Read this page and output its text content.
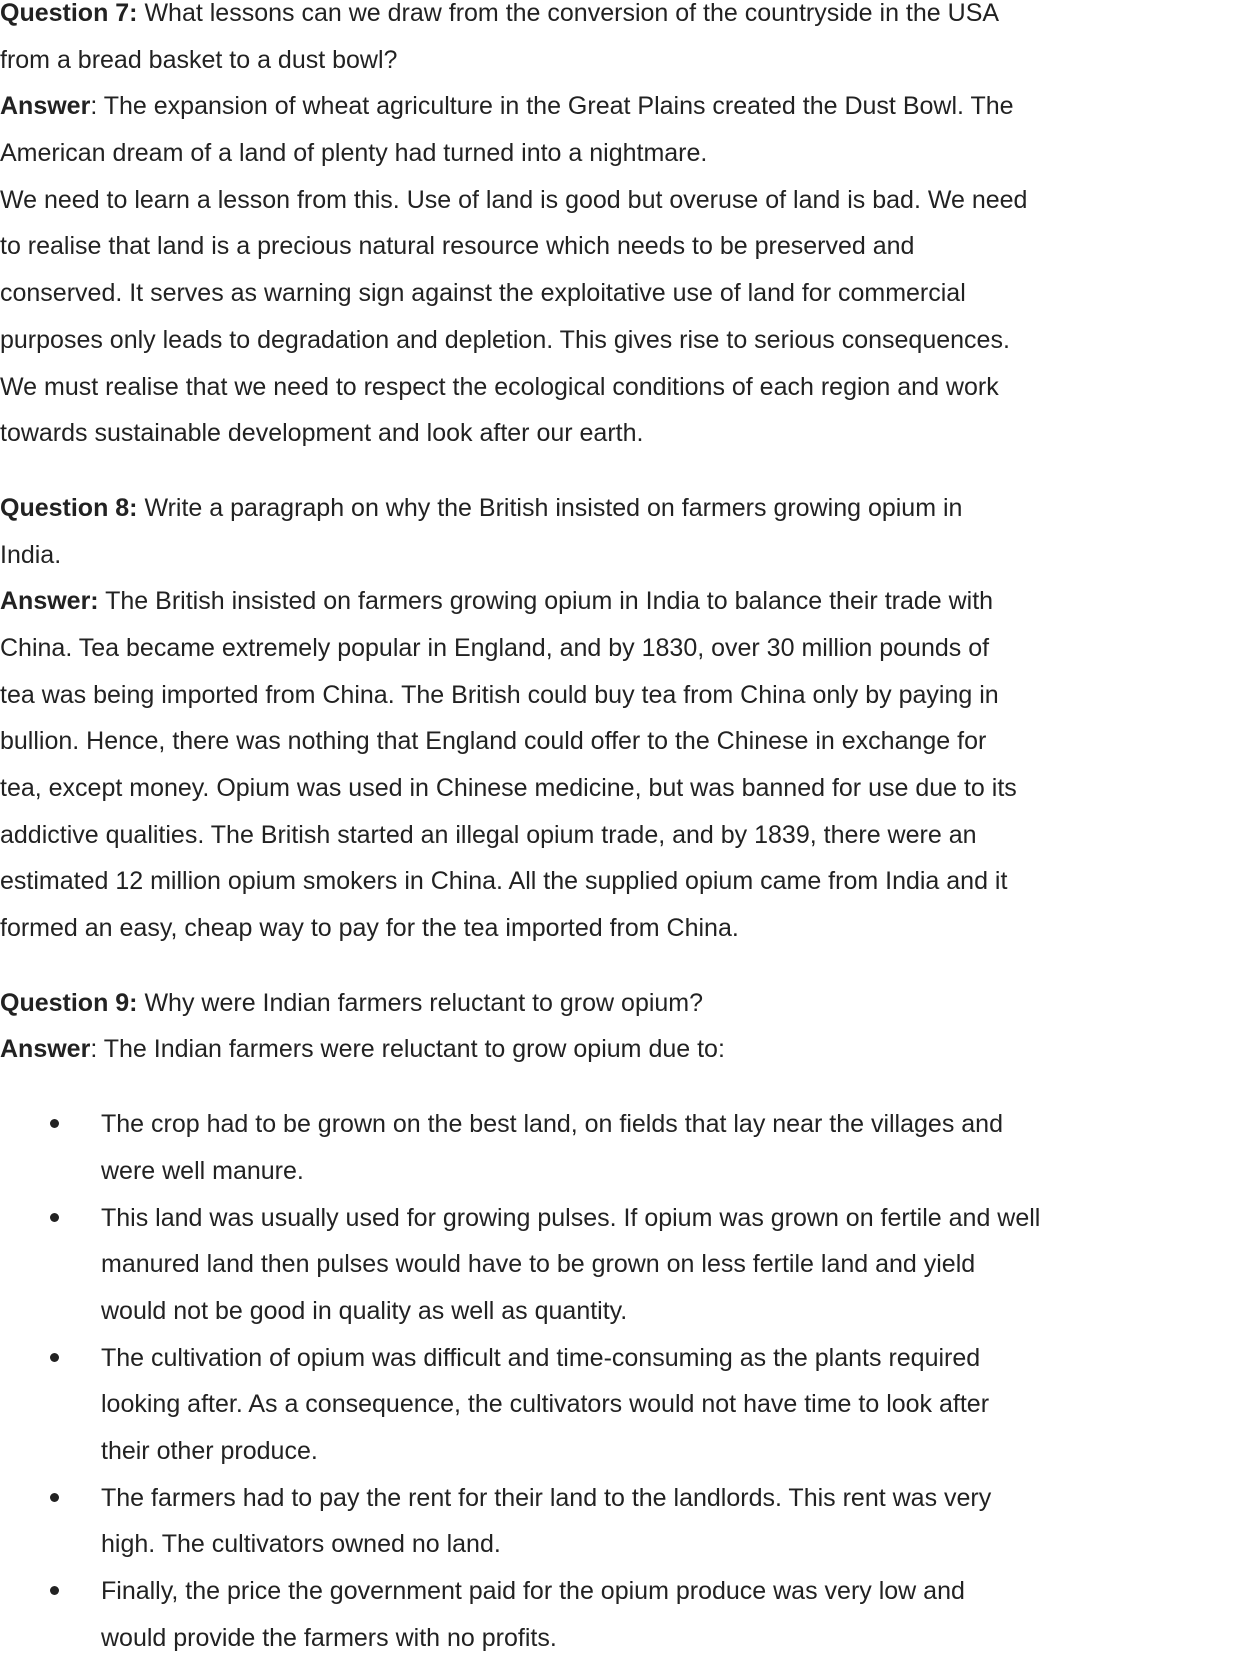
Question 7: What lessons can we draw from the conversion of the countryside in the USA
from a bread basket to a dust bowl?
Answer: The expansion of wheat agriculture in the Great Plains created the Dust Bowl. The
American dream of a land of plenty had turned into a nightmare.
We need to learn a lesson from this. Use of land is good but overuse of land is bad. We need
to realise that land is a precious natural resource which needs to be preserved and
conserved. It serves as warning sign against the exploitative use of land for commercial
purposes only leads to degradation and depletion. This gives rise to serious consequences.
We must realise that we need to respect the ecological conditions of each region and work
towards sustainable development and look after our earth.
Question 8: Write a paragraph on why the British insisted on farmers growing opium in
India.
Answer: The British insisted on farmers growing opium in India to balance their trade with
China. Tea became extremely popular in England, and by 1830, over 30 million pounds of
tea was being imported from China. The British could buy tea from China only by paying in
bullion. Hence, there was nothing that England could offer to the Chinese in exchange for
tea, except money. Opium was used in Chinese medicine, but was banned for use due to its
addictive qualities. The British started an illegal opium trade, and by 1839, there were an
estimated 12 million opium smokers in China. All the supplied opium came from India and it
formed an easy, cheap way to pay for the tea imported from China.
Question 9: Why were Indian farmers reluctant to grow opium?
Answer: The Indian farmers were reluctant to grow opium due to:
The crop had to be grown on the best land, on fields that lay near the villages and
were well manure.
This land was usually used for growing pulses. If opium was grown on fertile and well
manured land then pulses would have to be grown on less fertile land and yield
would not be good in quality as well as quantity.
The cultivation of opium was difficult and time-consuming as the plants required
looking after. As a consequence, the cultivators would not have time to look after
their other produce.
The farmers had to pay the rent for their land to the landlords. This rent was very
high. The cultivators owned no land.
Finally, the price the government paid for the opium produce was very low and
would provide the farmers with no profits.
